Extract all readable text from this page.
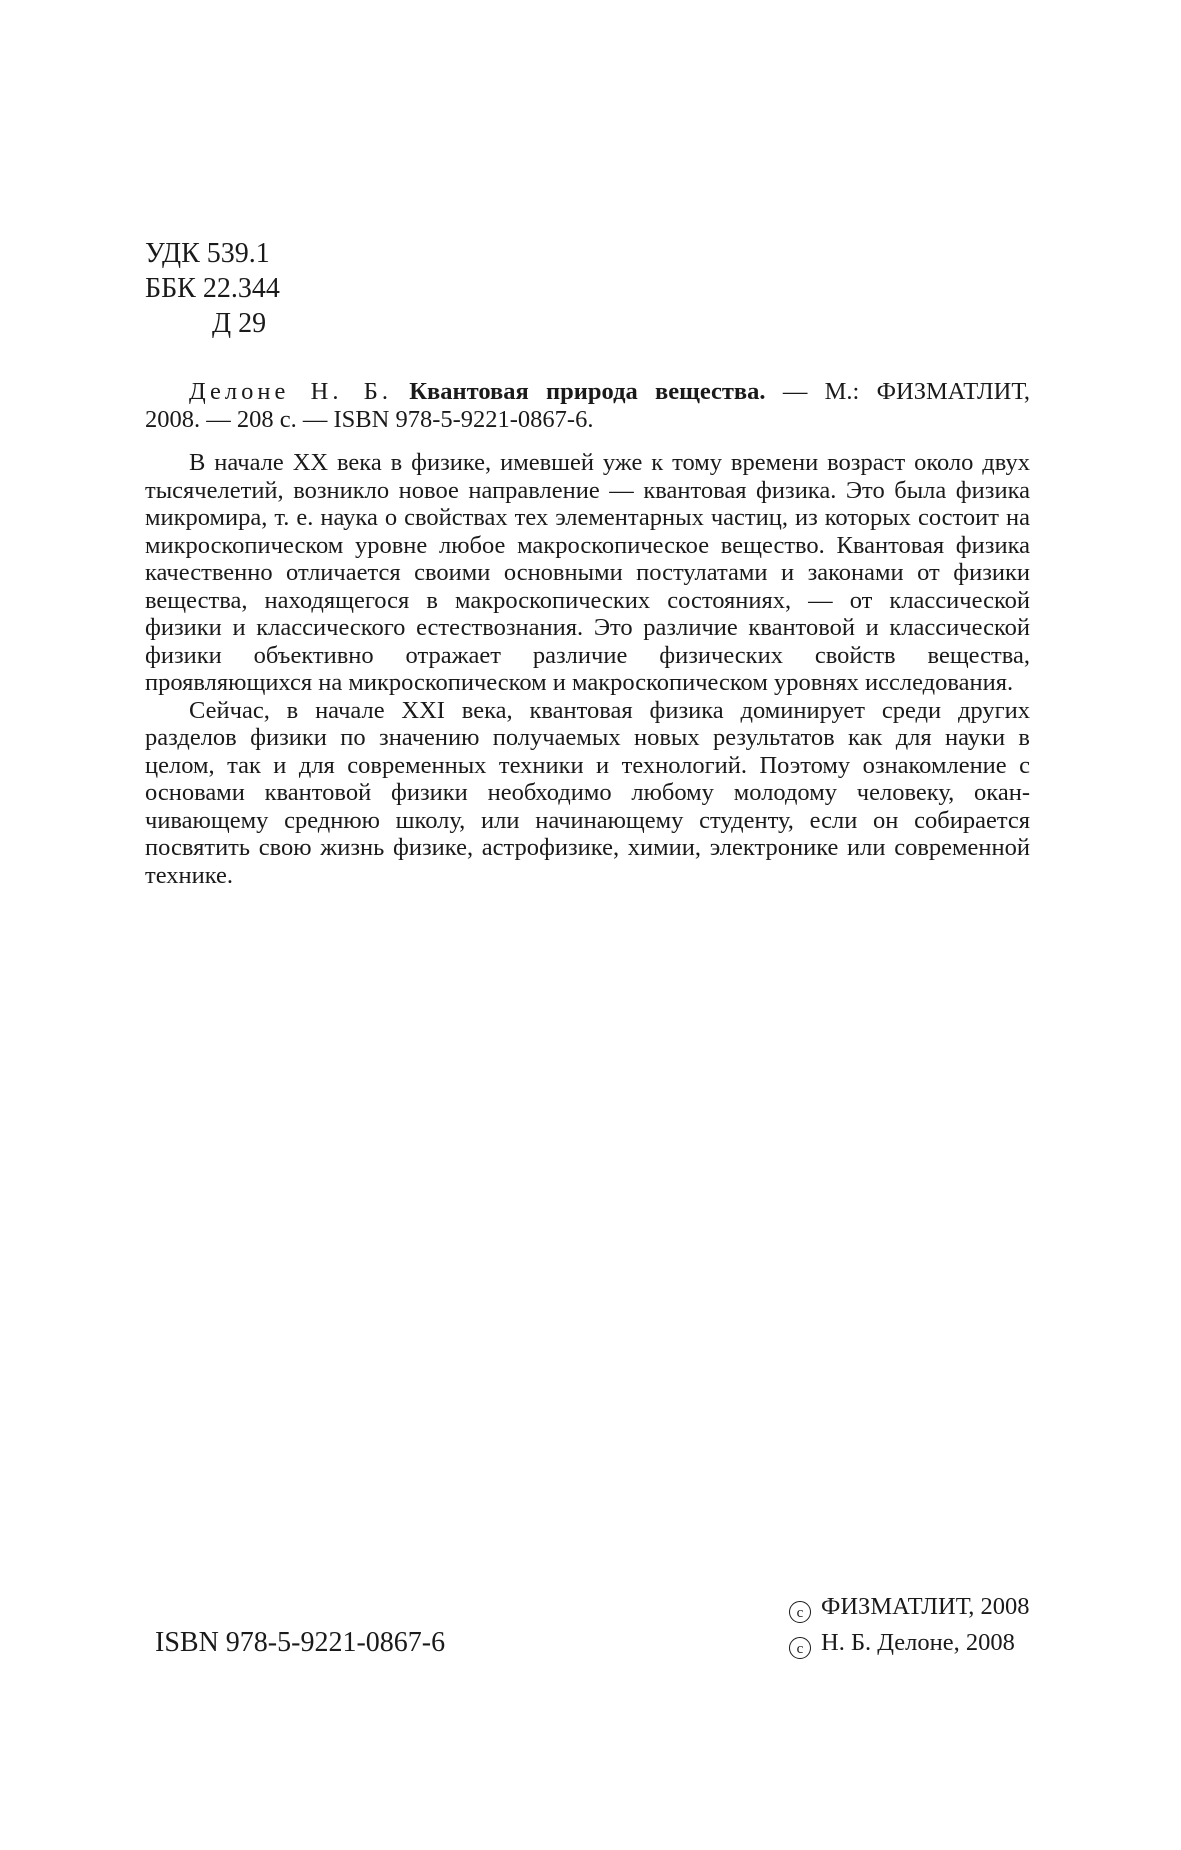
УДК 539.1
ББК 22.344
Д 29
Делоне Н. Б. Квантовая природа вещества. — М.: ФИЗМАТЛИТ,
2008. — 208 с. — ISBN 978-5-9221-0867-6.

В начале XX века в физике, имевшей уже к тому времени возраст около двух тысячелетий, возникло новое направление — квантовая физика. Это была физика микромира, т. е. наука о свойствах тех элементарных частиц, из которых состоит на микроскопическом уровне любое макроскопическое вещество. Квантовая физика качественно отличается своими основными постулатами и законами от физики вещества, находящегося в макроскопических состояниях, — от классической физики и классического естествознания. Это различие квантовой и классической физики объективно отражает различие физических свойств вещества, проявляющихся на микроскопическом и макроскопическом уровнях исследования.

Сейчас, в начале XXI века, квантовая физика доминирует среди других разделов физики по значению получаемых новых результатов как для науки в целом, так и для современных техники и технологий. Поэтому ознакомление с основами квантовой физики необходимо любому молодому человеку, оканчивающему среднюю школу, или начинающему студенту, если он собирается посвятить свою жизнь физике, астрофизике, химии, электронике или современной технике.

ISBN 978-5-9221-0867-6
c ФИЗМАТЛИТ, 2008
c Н. Б. Делоне, 2008
